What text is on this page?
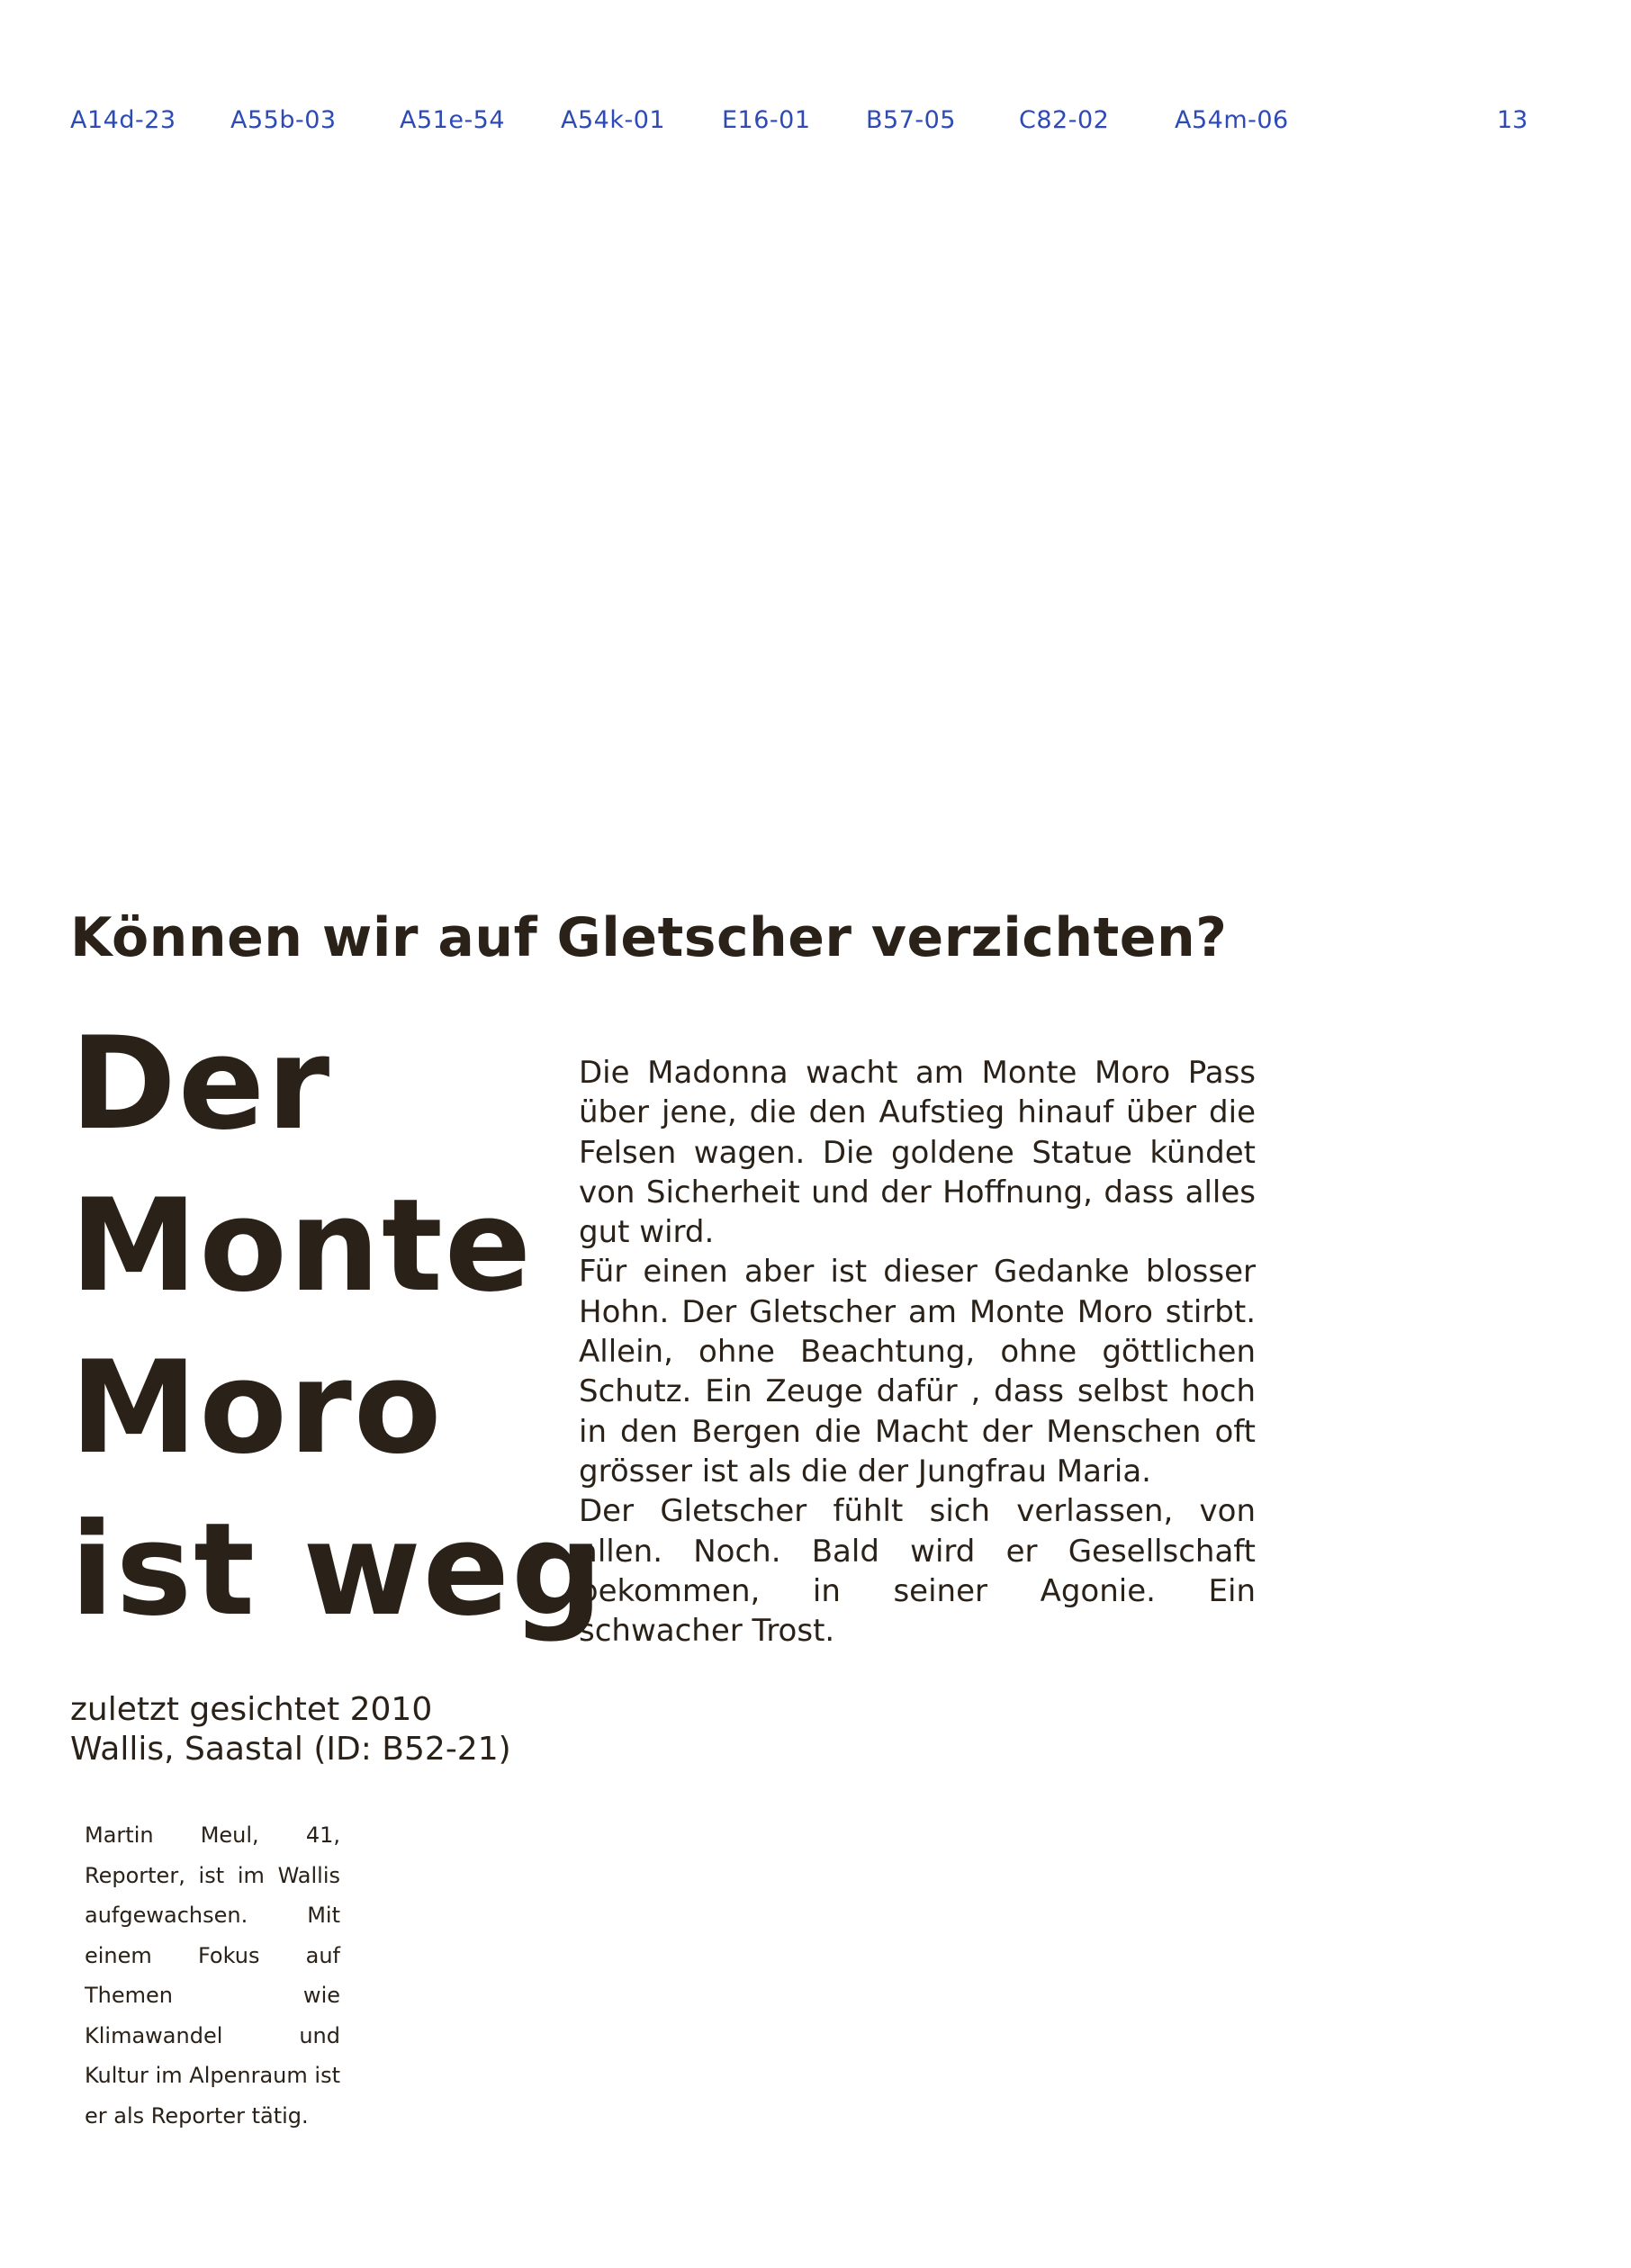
A14d-23 A55b-03	A51e-54 A54k-01 E16-01 B57-05	C82-02	A54m-06	13
Können wir auf Gletscher verzichten?
Der
Monte
Moro
ist weg

Die Madonna wacht am Monte Moro Pass über jene, die den Aufstieg hinauf über die Felsen wagen. Die goldene Statue kündet von Sicherheit und der Hoffnung, dass alles gut wird.

Für einen aber ist dieser Gedanke blosser Hohn. Der Gletscher am Monte Moro stirbt. Allein, ohne Beachtung, ohne göttlichen Schutz. Ein Zeuge dafür , dass selbst hoch in den Bergen die Macht der Menschen oft grösser ist als die der Jungfrau Maria.

Der Gletscher fühlt sich verlassen, von allen. Noch. Bald wird er Gesellschaft bekommen, in seiner Agonie. Ein schwacher Trost.

zuletzt gesichtet 2010
Wallis, Saastal (ID: B52-21)
Martin Meul, 41, Reporter, ist im Wallis aufgewachsen. Mit einem Fokus auf Themen wie Klimawandel und Kultur im Alpenraum ist er als Reporter tätig.
